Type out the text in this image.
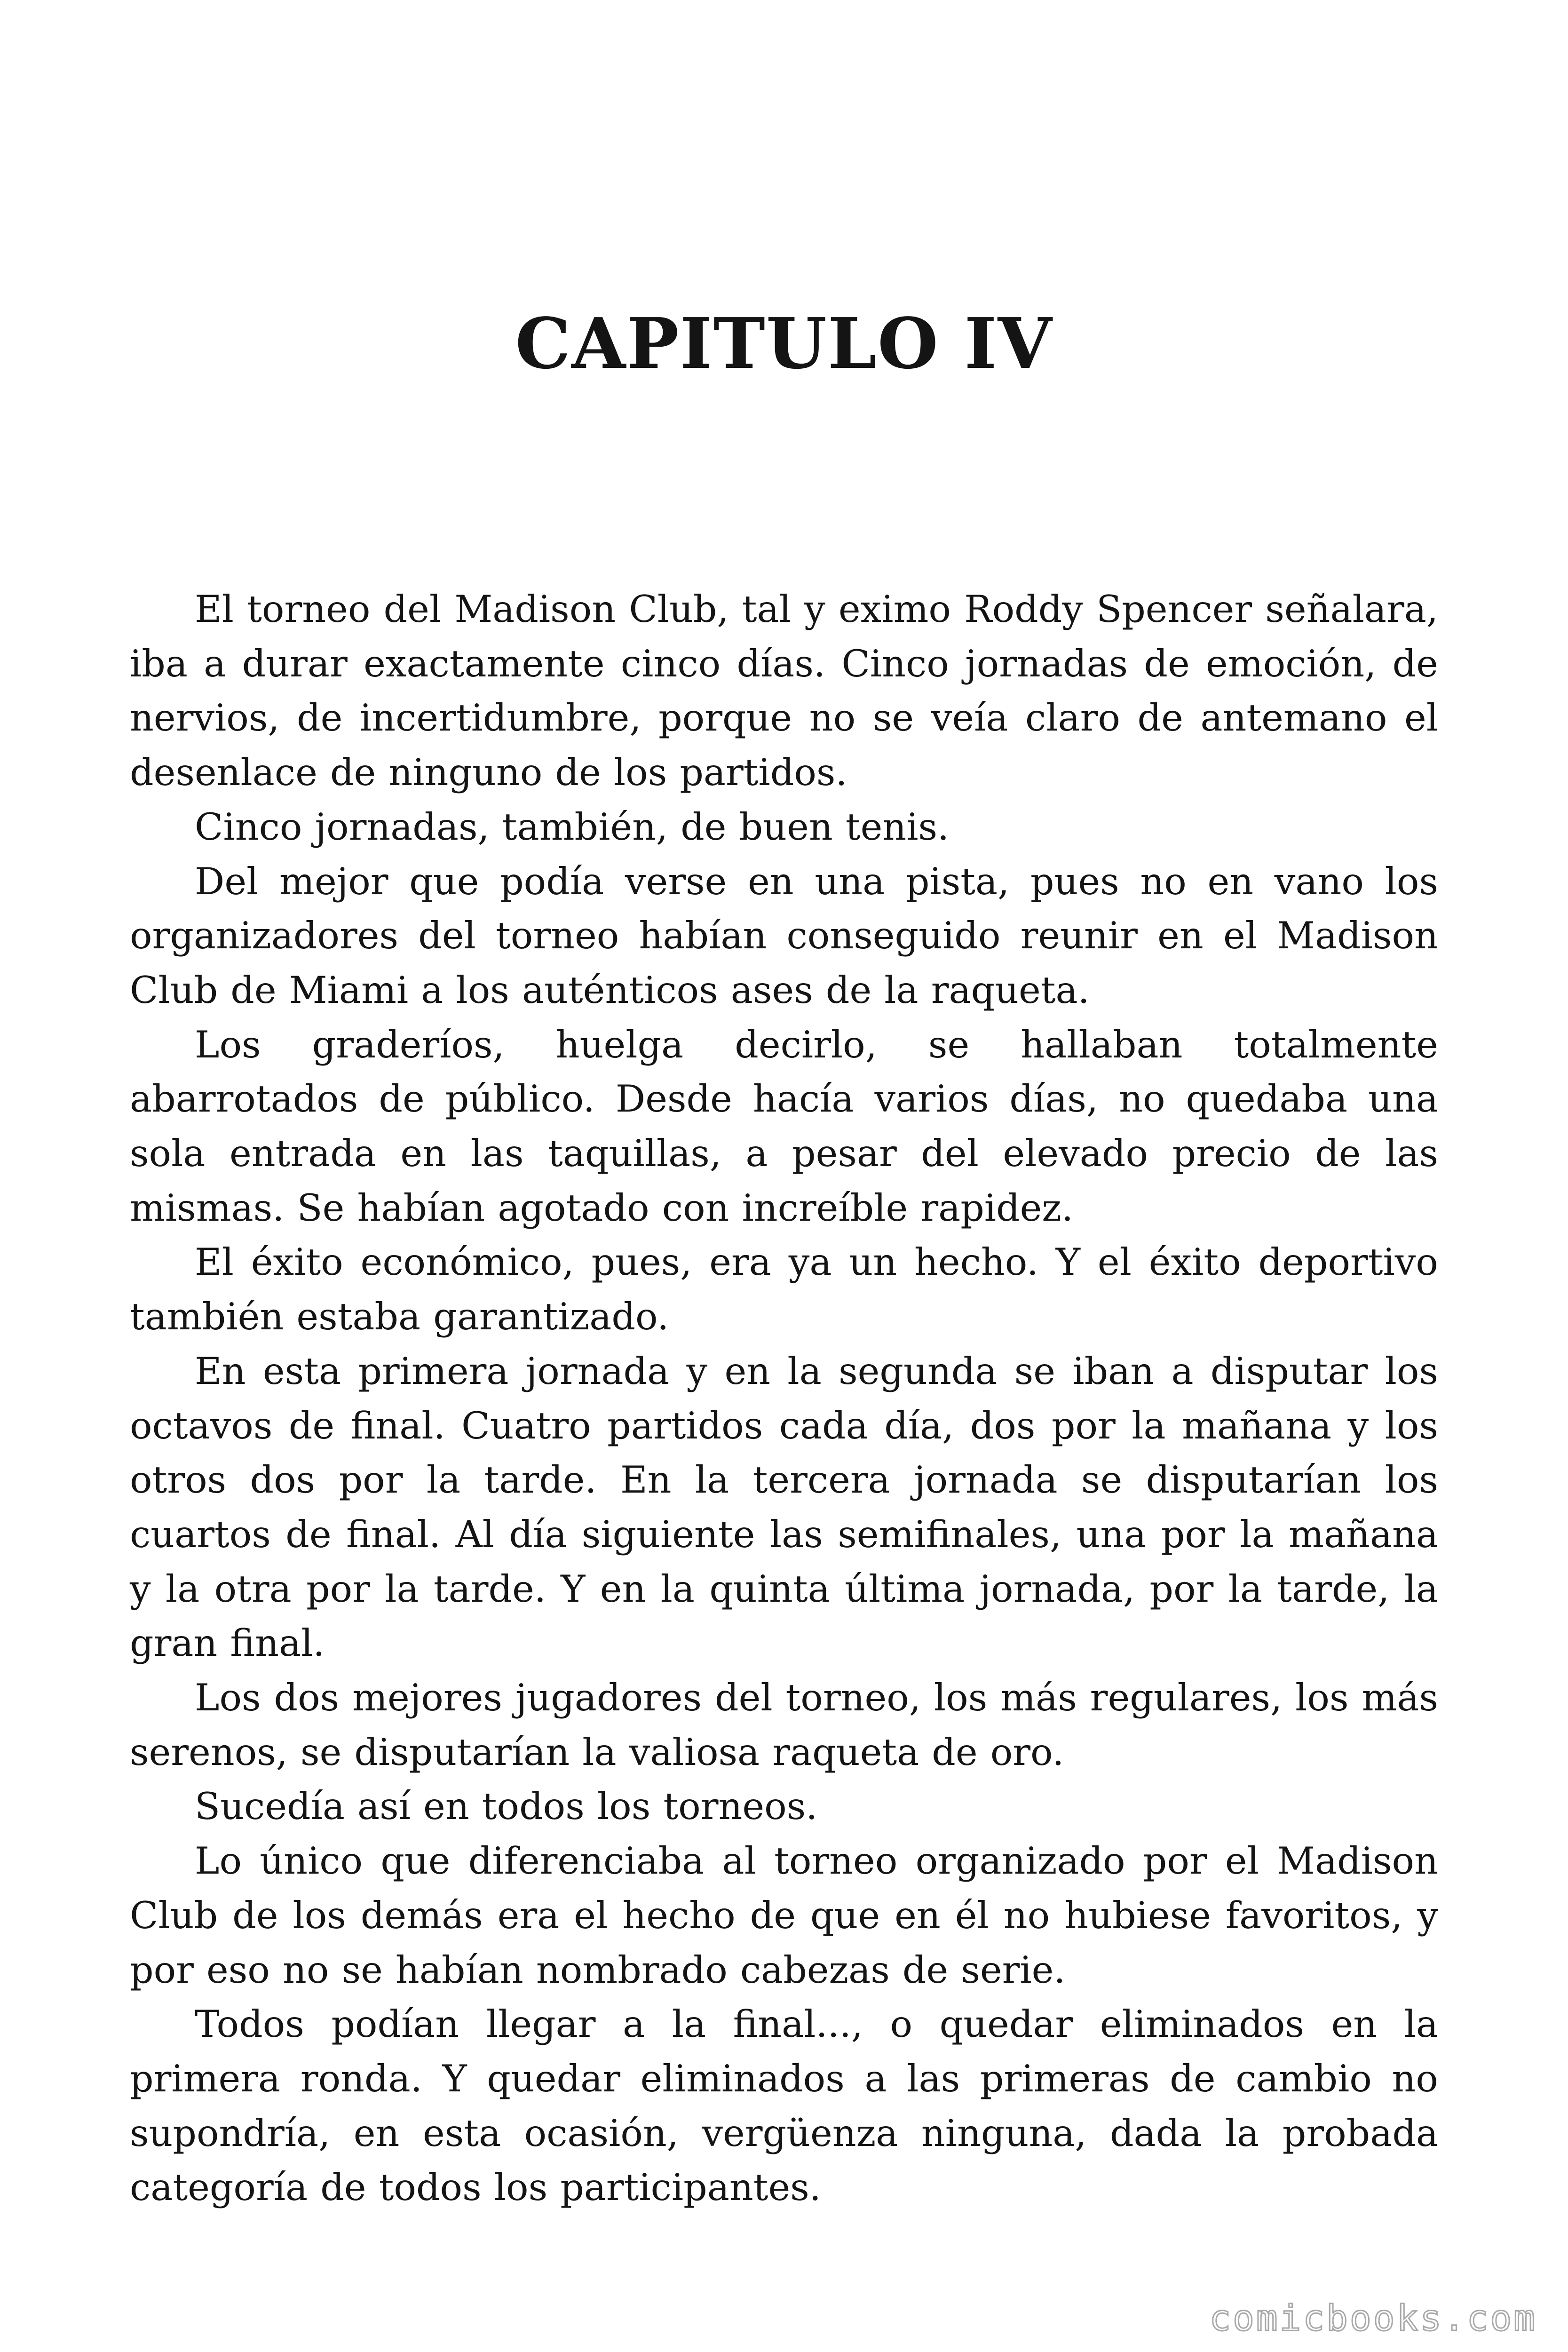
CAPITULO IV

El torneo del Madison Club, tal y eximo Roddy Spencer señalara, iba a durar exactamente cinco días. Cinco jornadas de emoción, de nervios, de incertidumbre, porque no se veía claro de antemano el desenlace de ninguno de los partidos.

Cinco jornadas, también, de buen tenis.

Del mejor que podía verse en una pista, pues no en vano los organizadores del torneo habían conseguido reunir en el Madison Club de Miami a los auténticos ases de la raqueta.

Los graderíos, huelga decirlo, se hallaban totalmente abarrotados de público. Desde hacía varios días, no quedaba una sola entrada en las taquillas, a pesar del elevado precio de las mismas. Se habían agotado con increíble rapidez.

El éxito económico, pues, era ya un hecho. Y el éxito deportivo también estaba garantizado.

En esta primera jornada y en la segunda se iban a disputar los octavos de final. Cuatro partidos cada día, dos por la mañana y los otros dos por la tarde. En la tercera jornada se disputarían los cuartos de final. Al día siguiente las semifinales, una por la mañana y la otra por la tarde. Y en la quinta última jornada, por la tarde, la gran final.

Los dos mejores jugadores del torneo, los más regulares, los más serenos, se disputarían la valiosa raqueta de oro.

Sucedía así en todos los torneos.

Lo único que diferenciaba al torneo organizado por el Madison Club de los demás era el hecho de que en él no hubiese favoritos, y por eso no se habían nombrado cabezas de serie.

Todos podían llegar a la final..., o quedar eliminados en la primera ronda. Y quedar eliminados a las primeras de cambio no supondría, en esta ocasión, vergüenza ninguna, dada la probada categoría de todos los participantes.

comicbooks.com
